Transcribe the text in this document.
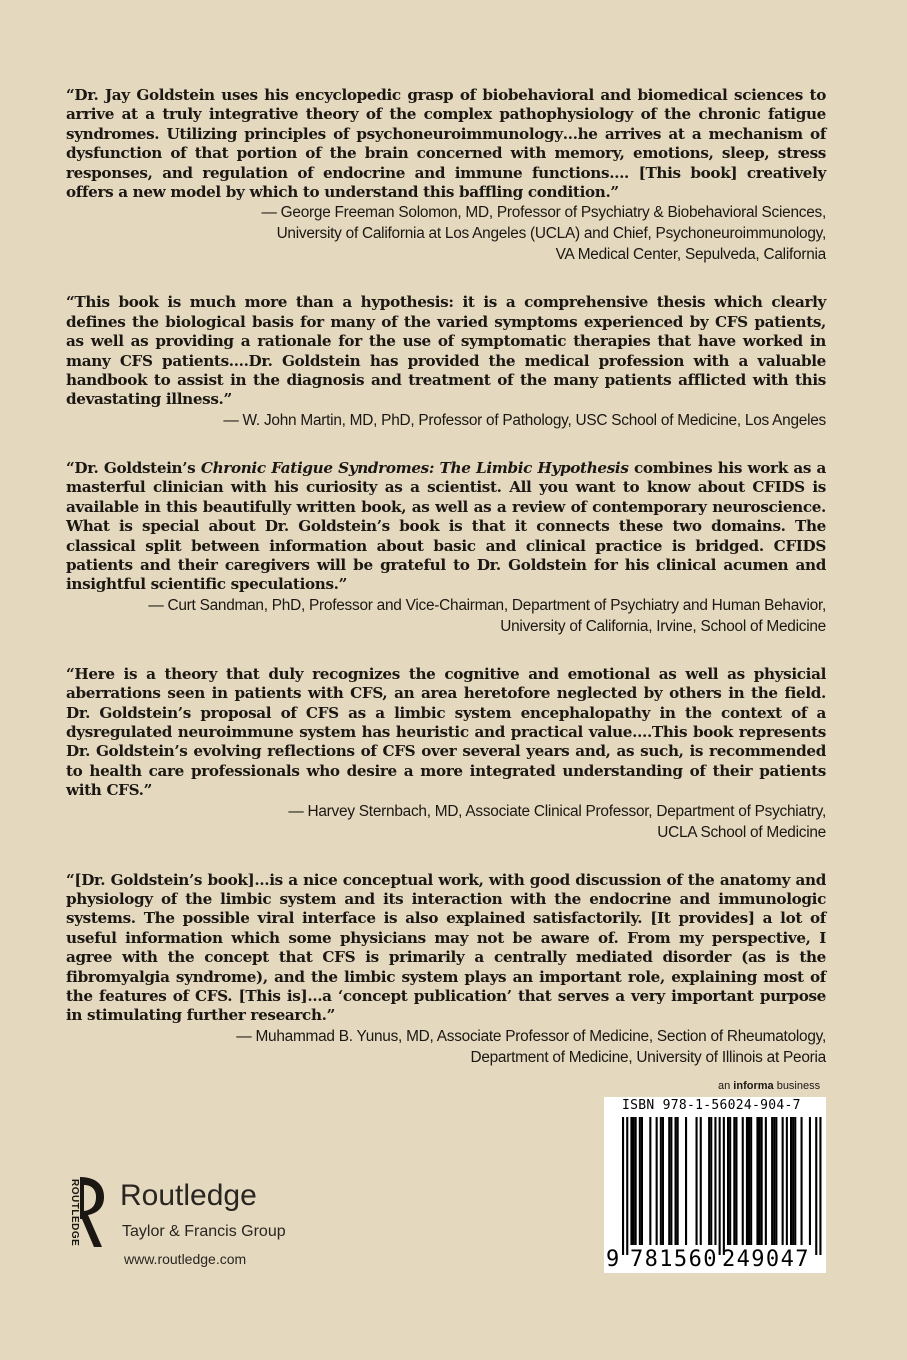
“Dr. Jay Goldstein uses his encyclopedic grasp of biobehavioral and biomedical sciences to arrive at a truly integrative theory of the complex pathophysiology of the chronic fatigue syndromes. Utilizing principles of psychoneuroimmunology…he arrives at a mechanism of dysfunction of that portion of the brain concerned with memory, emotions, sleep, stress responses, and regulation of endocrine and immune functions…. [This book] creatively offers a new model by which to understand this baffling condition.”

— George Freeman Solomon, MD, Professor of Psychiatry & Biobehavioral Sciences,
University of California at Los Angeles (UCLA) and Chief, Psychoneuroimmunology,
VA Medical Center, Sepulveda, California

“This book is much more than a hypothesis: it is a comprehensive thesis which clearly defines the biological basis for many of the varied symptoms experienced by CFS patients, as well as providing a rationale for the use of symptomatic therapies that have worked in many CFS patients….Dr. Goldstein has provided the medical profession with a valuable handbook to assist in the diagnosis and treatment of the many patients afflicted with this devastating illness.”

— W. John Martin, MD, PhD, Professor of Pathology, USC School of Medicine, Los Angeles

“Dr. Goldstein’s Chronic Fatigue Syndromes: The Limbic Hypothesis combines his work as a masterful clinician with his curiosity as a scientist. All you want to know about CFIDS is available in this beautifully written book, as well as a review of contemporary neuroscience. What is special about Dr. Goldstein’s book is that it connects these two domains. The classical split between information about basic and clinical practice is bridged. CFIDS patients and their caregivers will be grateful to Dr. Goldstein for his clinical acumen and insightful scientific speculations.”

— Curt Sandman, PhD, Professor and Vice-Chairman, Department of Psychiatry and Human Behavior,
University of California, Irvine, School of Medicine

“Here is a theory that duly recognizes the cognitive and emotional as well as physicial aberrations seen in patients with CFS, an area heretofore neglected by others in the field. Dr. Goldstein’s proposal of CFS as a limbic system encephalopathy in the context of a dysregulated neuroimmune system has heuristic and practical value….This book represents Dr. Goldstein’s evolving reflections of CFS over several years and, as such, is recommended to health care professionals who desire a more integrated understanding of their patients with CFS.”

— Harvey Sternbach, MD, Associate Clinical Professor, Department of Psychiatry,
UCLA School of Medicine

“[Dr. Goldstein’s book]…is a nice conceptual work, with good discussion of the anatomy and physiology of the limbic system and its interaction with the endocrine and immunologic systems. The possible viral interface is also explained satisfactorily. [It provides] a lot of useful information which some physicians may not be aware of. From my perspective, I agree with the concept that CFS is primarily a centrally mediated disorder (as is the fibromyalgia syndrome), and the limbic system plays an important role, explaining most of the features of CFS. [This is]…a ‘concept publication’ that serves a very important purpose in stimulating further research.”

— Muhammad B. Yunus, MD, Associate Professor of Medicine, Section of Rheumatology,
Department of Medicine, University of Illinois at Peoria
ROUTLEDGE Routledge
Taylor & Francis Group
www.routledge.com
an informa business
ISBN 978-1-56024-904-7
9 781560 249047
